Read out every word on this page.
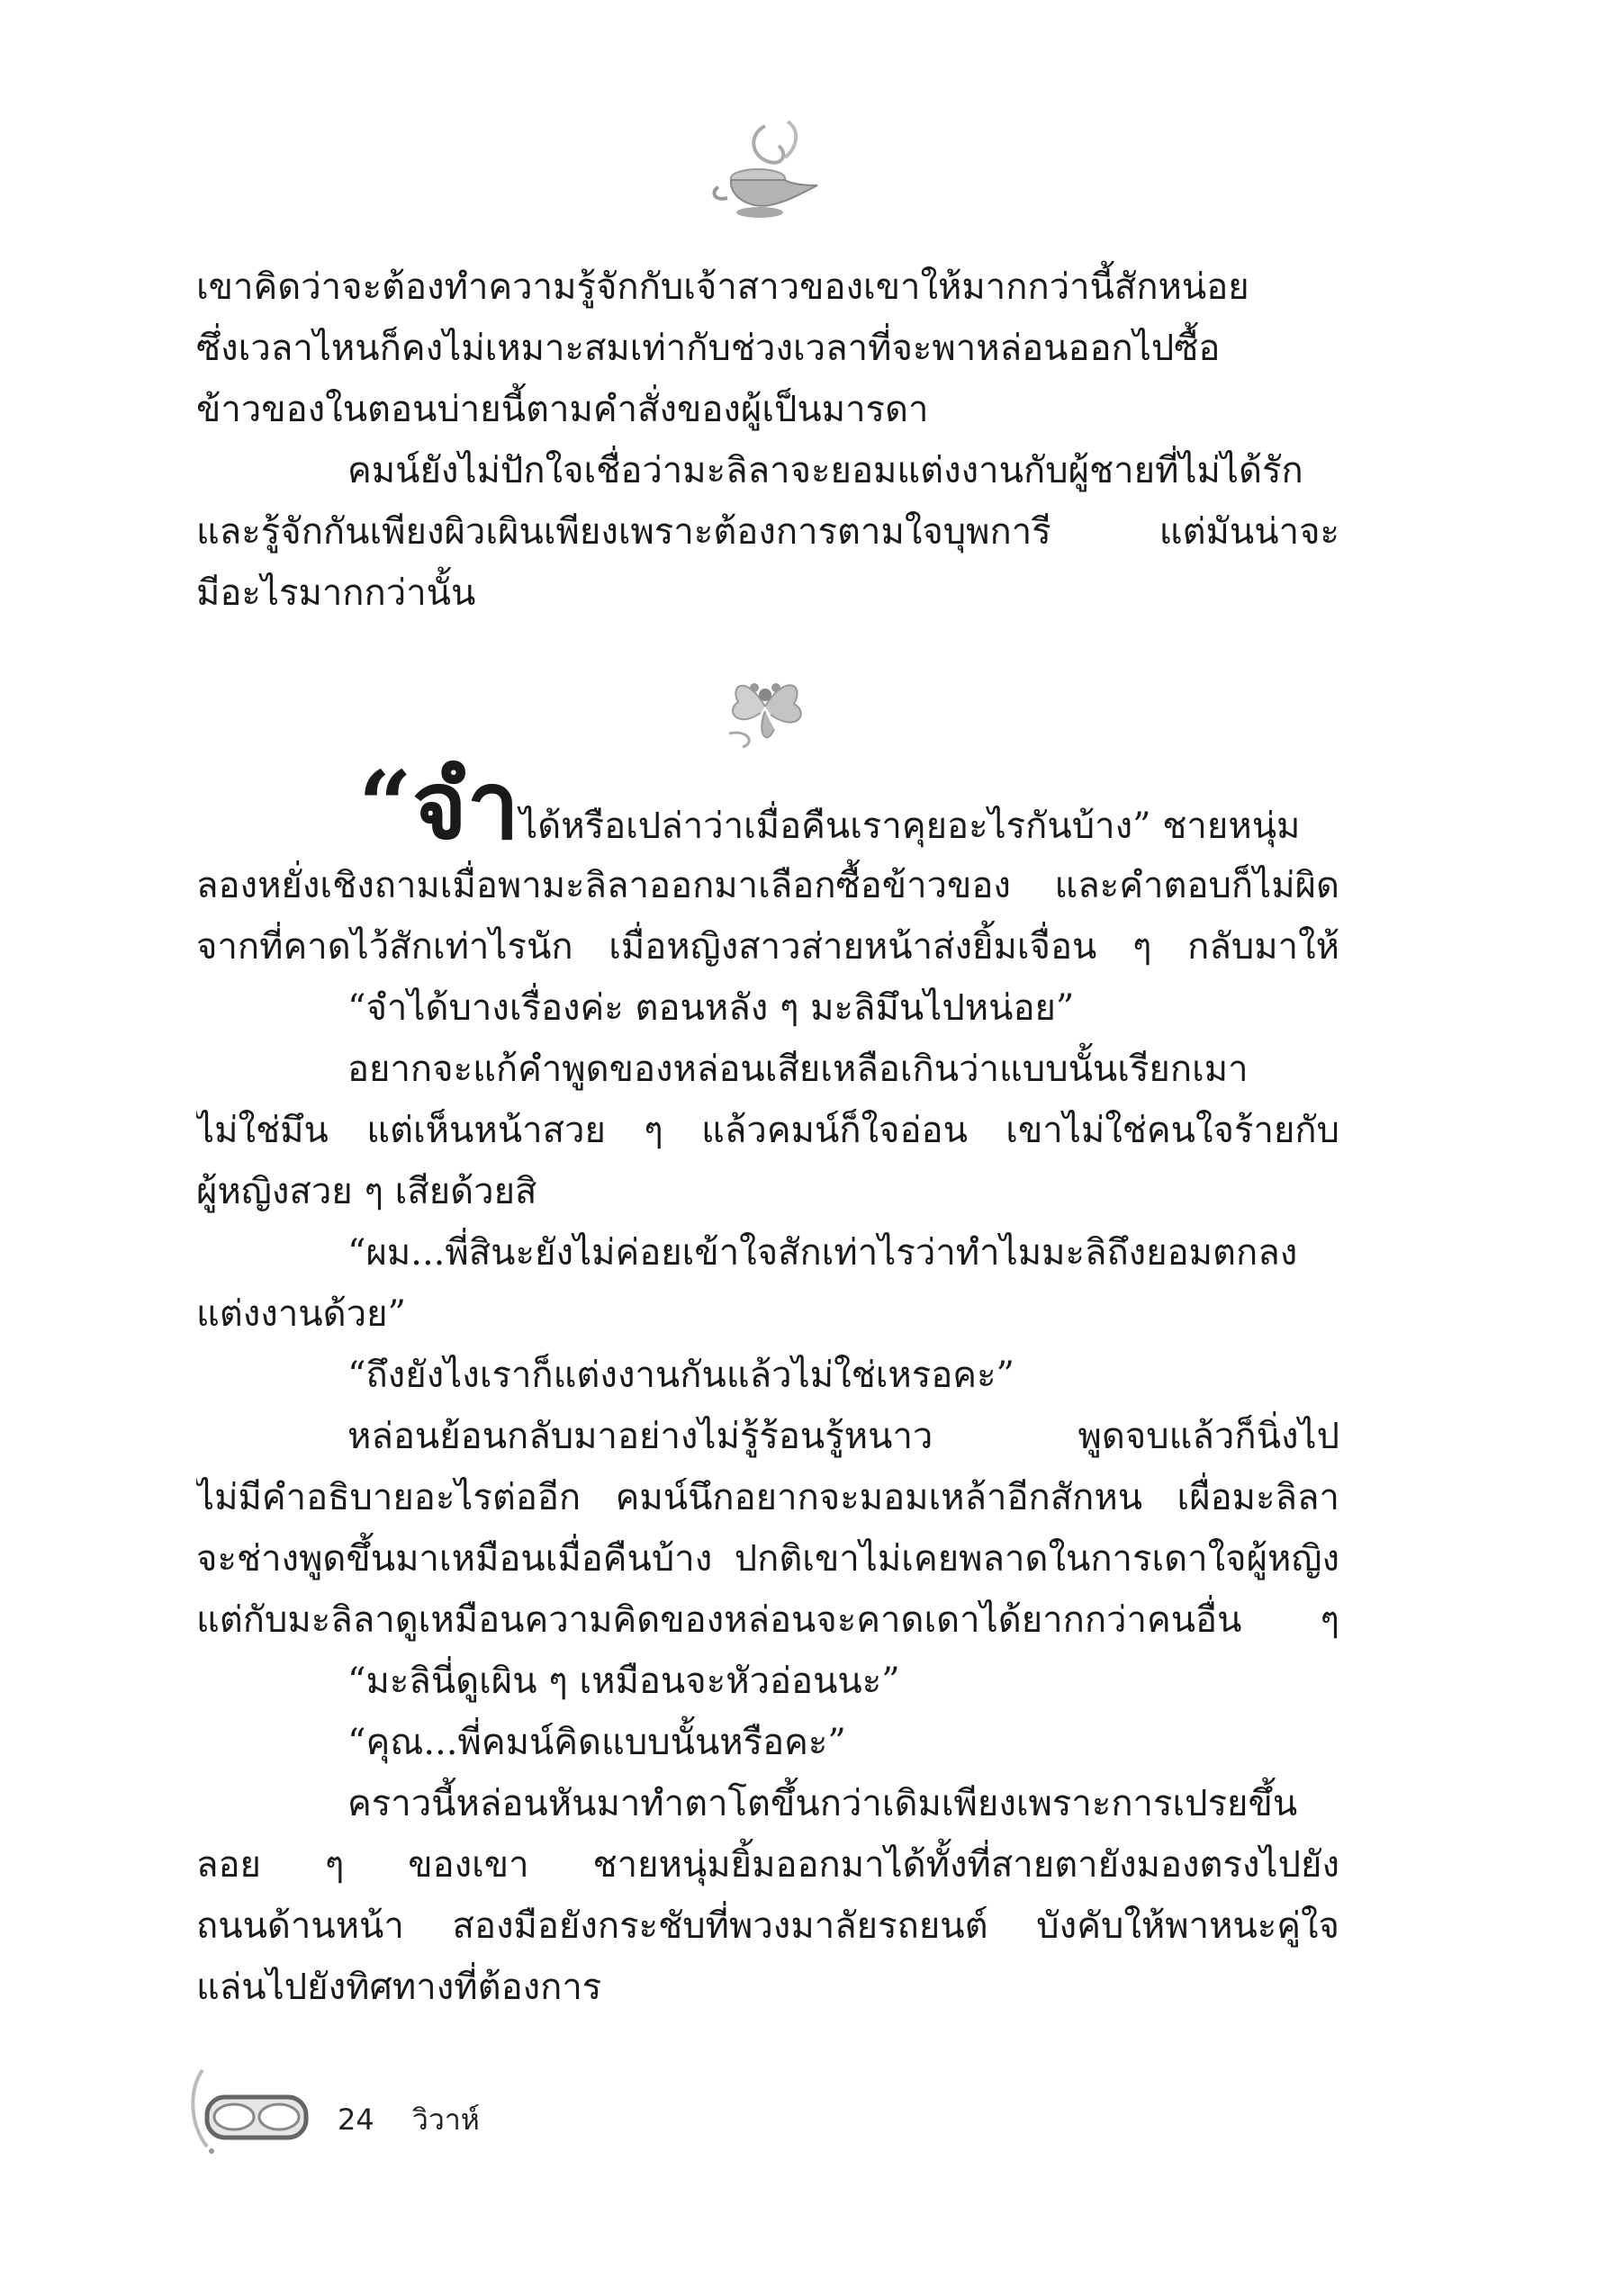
เขาคิดว่าจะต้องทำความรู้จักกับเจ้าสาวของเขาให้มากกว่านี้สักหน่อย
ซึ่งเวลาไหนก็คงไม่เหมาะสมเท่ากับช่วงเวลาที่จะพาหล่อนออกไปซื้อ
ข้าวของในตอนบ่ายนี้ตามคำสั่งของผู้เป็นมารดา
คมน์ยังไม่ปักใจเชื่อว่ามะลิลาจะยอมแต่งงานกับผู้ชายที่ไม่ได้รัก
และรู้จักกันเพียงผิวเผินเพียงเพราะต้องการตามใจบุพการี แต่มันน่าจะ
มีอะไรมากกว่านั้น
“จำได้หรือเปล่าว่าเมื่อคืนเราคุยอะไรกันบ้าง” ชายหนุ่ม
ลองหยั่งเชิงถามเมื่อพามะลิลาออกมาเลือกซื้อข้าวของ และคำตอบก็ไม่ผิด
จากที่คาดไว้สักเท่าไรนัก เมื่อหญิงสาวส่ายหน้าส่งยิ้มเจื่อน ๆ กลับมาให้
“จำได้บางเรื่องค่ะ ตอนหลัง ๆ มะลิมึนไปหน่อย”
อยากจะแก้คำพูดของหล่อนเสียเหลือเกินว่าแบบนั้นเรียกเมา
ไม่ใช่มึน แต่เห็นหน้าสวย ๆ แล้วคมน์ก็ใจอ่อน เขาไม่ใช่คนใจร้ายกับ
ผู้หญิงสวย ๆ เสียด้วยสิ
“ผม...พี่สินะยังไม่ค่อยเข้าใจสักเท่าไรว่าทำไมมะลิถึงยอมตกลง
แต่งงานด้วย”
“ถึงยังไงเราก็แต่งงานกันแล้วไม่ใช่เหรอคะ”
หล่อนย้อนกลับมาอย่างไม่รู้ร้อนรู้หนาว พูดจบแล้วก็นิ่งไป
ไม่มีคำอธิบายอะไรต่ออีก คมน์นึกอยากจะมอมเหล้าอีกสักหน เผื่อมะลิลา
จะช่างพูดขึ้นมาเหมือนเมื่อคืนบ้าง ปกติเขาไม่เคยพลาดในการเดาใจผู้หญิง
แต่กับมะลิลาดูเหมือนความคิดของหล่อนจะคาดเดาได้ยากกว่าคนอื่น ๆ
“มะลินี่ดูเผิน ๆ เหมือนจะหัวอ่อนนะ”
“คุณ...พี่คมน์คิดแบบนั้นหรือคะ”
คราวนี้หล่อนหันมาทำตาโตขึ้นกว่าเดิมเพียงเพราะการเปรยขึ้น
ลอย ๆ ของเขา ชายหนุ่มยิ้มออกมาได้ทั้งที่สายตายังมองตรงไปยัง
ถนนด้านหน้า สองมือยังกระชับที่พวงมาลัยรถยนต์ บังคับให้พาหนะคู่ใจ
แล่นไปยังทิศทางที่ต้องการ
24 วิวาห์
